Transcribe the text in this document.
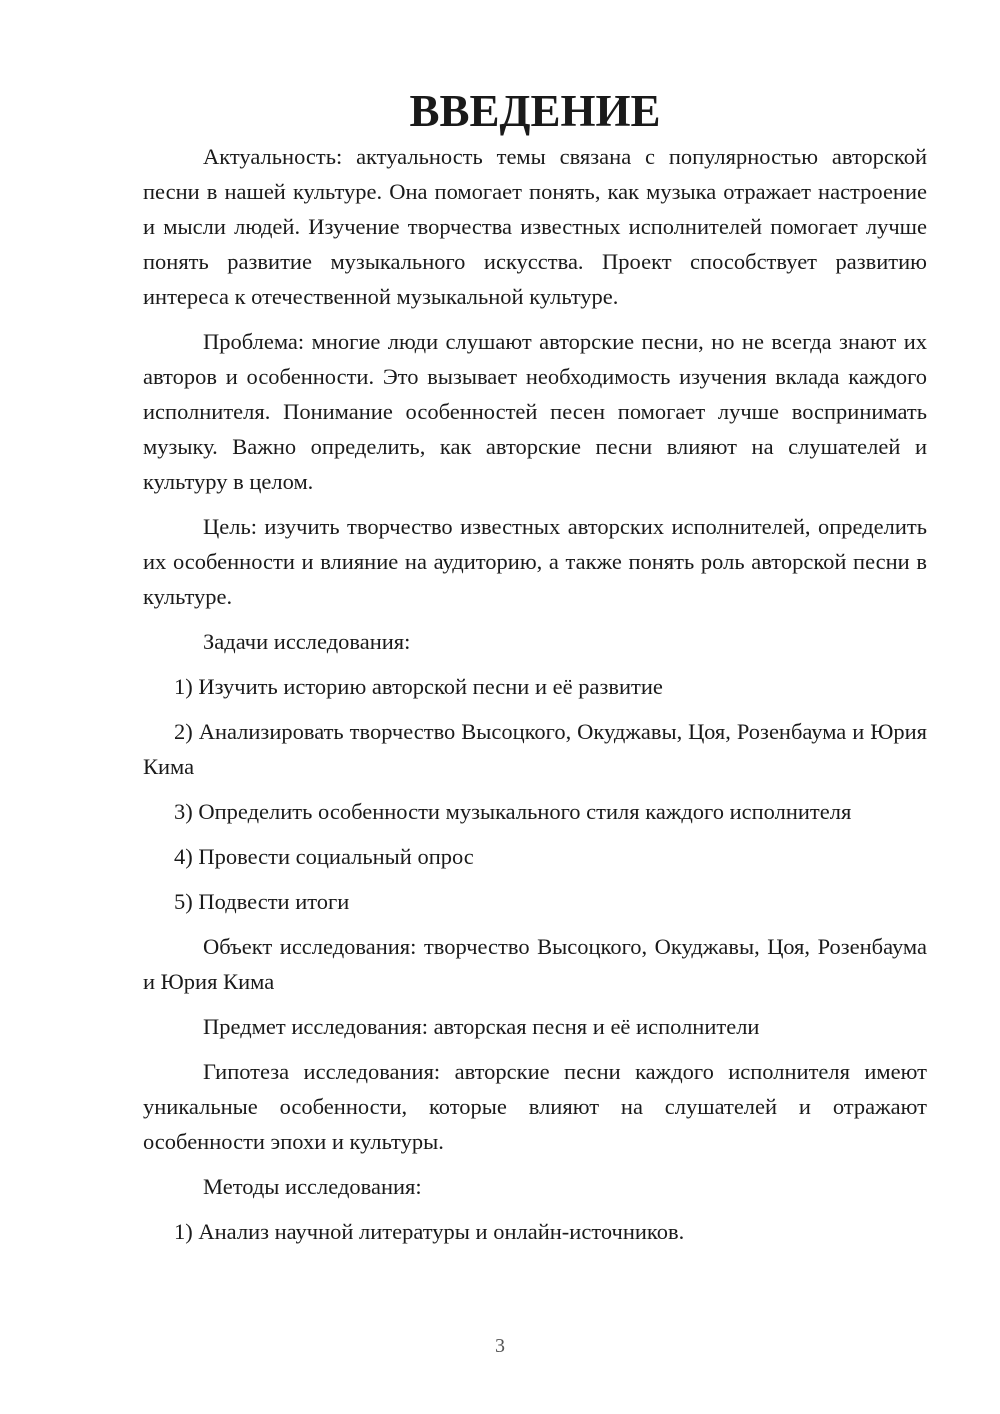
ВВЕДЕНИЕ

Актуальность: актуальность темы связана с популярностью авторской песни в нашей культуре. Она помогает понять, как музыка отражает настроение и мысли людей. Изучение творчества известных исполнителей помогает лучше понять развитие музыкального искусства. Проект способствует развитию интереса к отечественной музыкальной культуре.

Проблема: многие люди слушают авторские песни, но не всегда знают их авторов и особенности. Это вызывает необходимость изучения вклада каждого исполнителя. Понимание особенностей песен помогает лучше воспринимать музыку. Важно определить, как авторские песни влияют на слушателей и культуру в целом.

Цель: изучить творчество известных авторских исполнителей, определить их особенности и влияние на аудиторию, а также понять роль авторской песни в культуре.

Задачи исследования:

1) Изучить историю авторской песни и её развитие

2) Анализировать творчество Высоцкого, Окуджавы, Цоя, Розенбаума и Юрия Кима

3) Определить особенности музыкального стиля каждого исполнителя

4) Провести социальный опрос

5) Подвести итоги

Объект исследования: творчество Высоцкого, Окуджавы, Цоя, Розенбаума и Юрия Кима

Предмет исследования: авторская песня и её исполнители

Гипотеза исследования: авторские песни каждого исполнителя имеют уникальные особенности, которые влияют на слушателей и отражают особенности эпохи и культуры.

Методы исследования:

1) Анализ научной литературы и онлайн-источников.

3
